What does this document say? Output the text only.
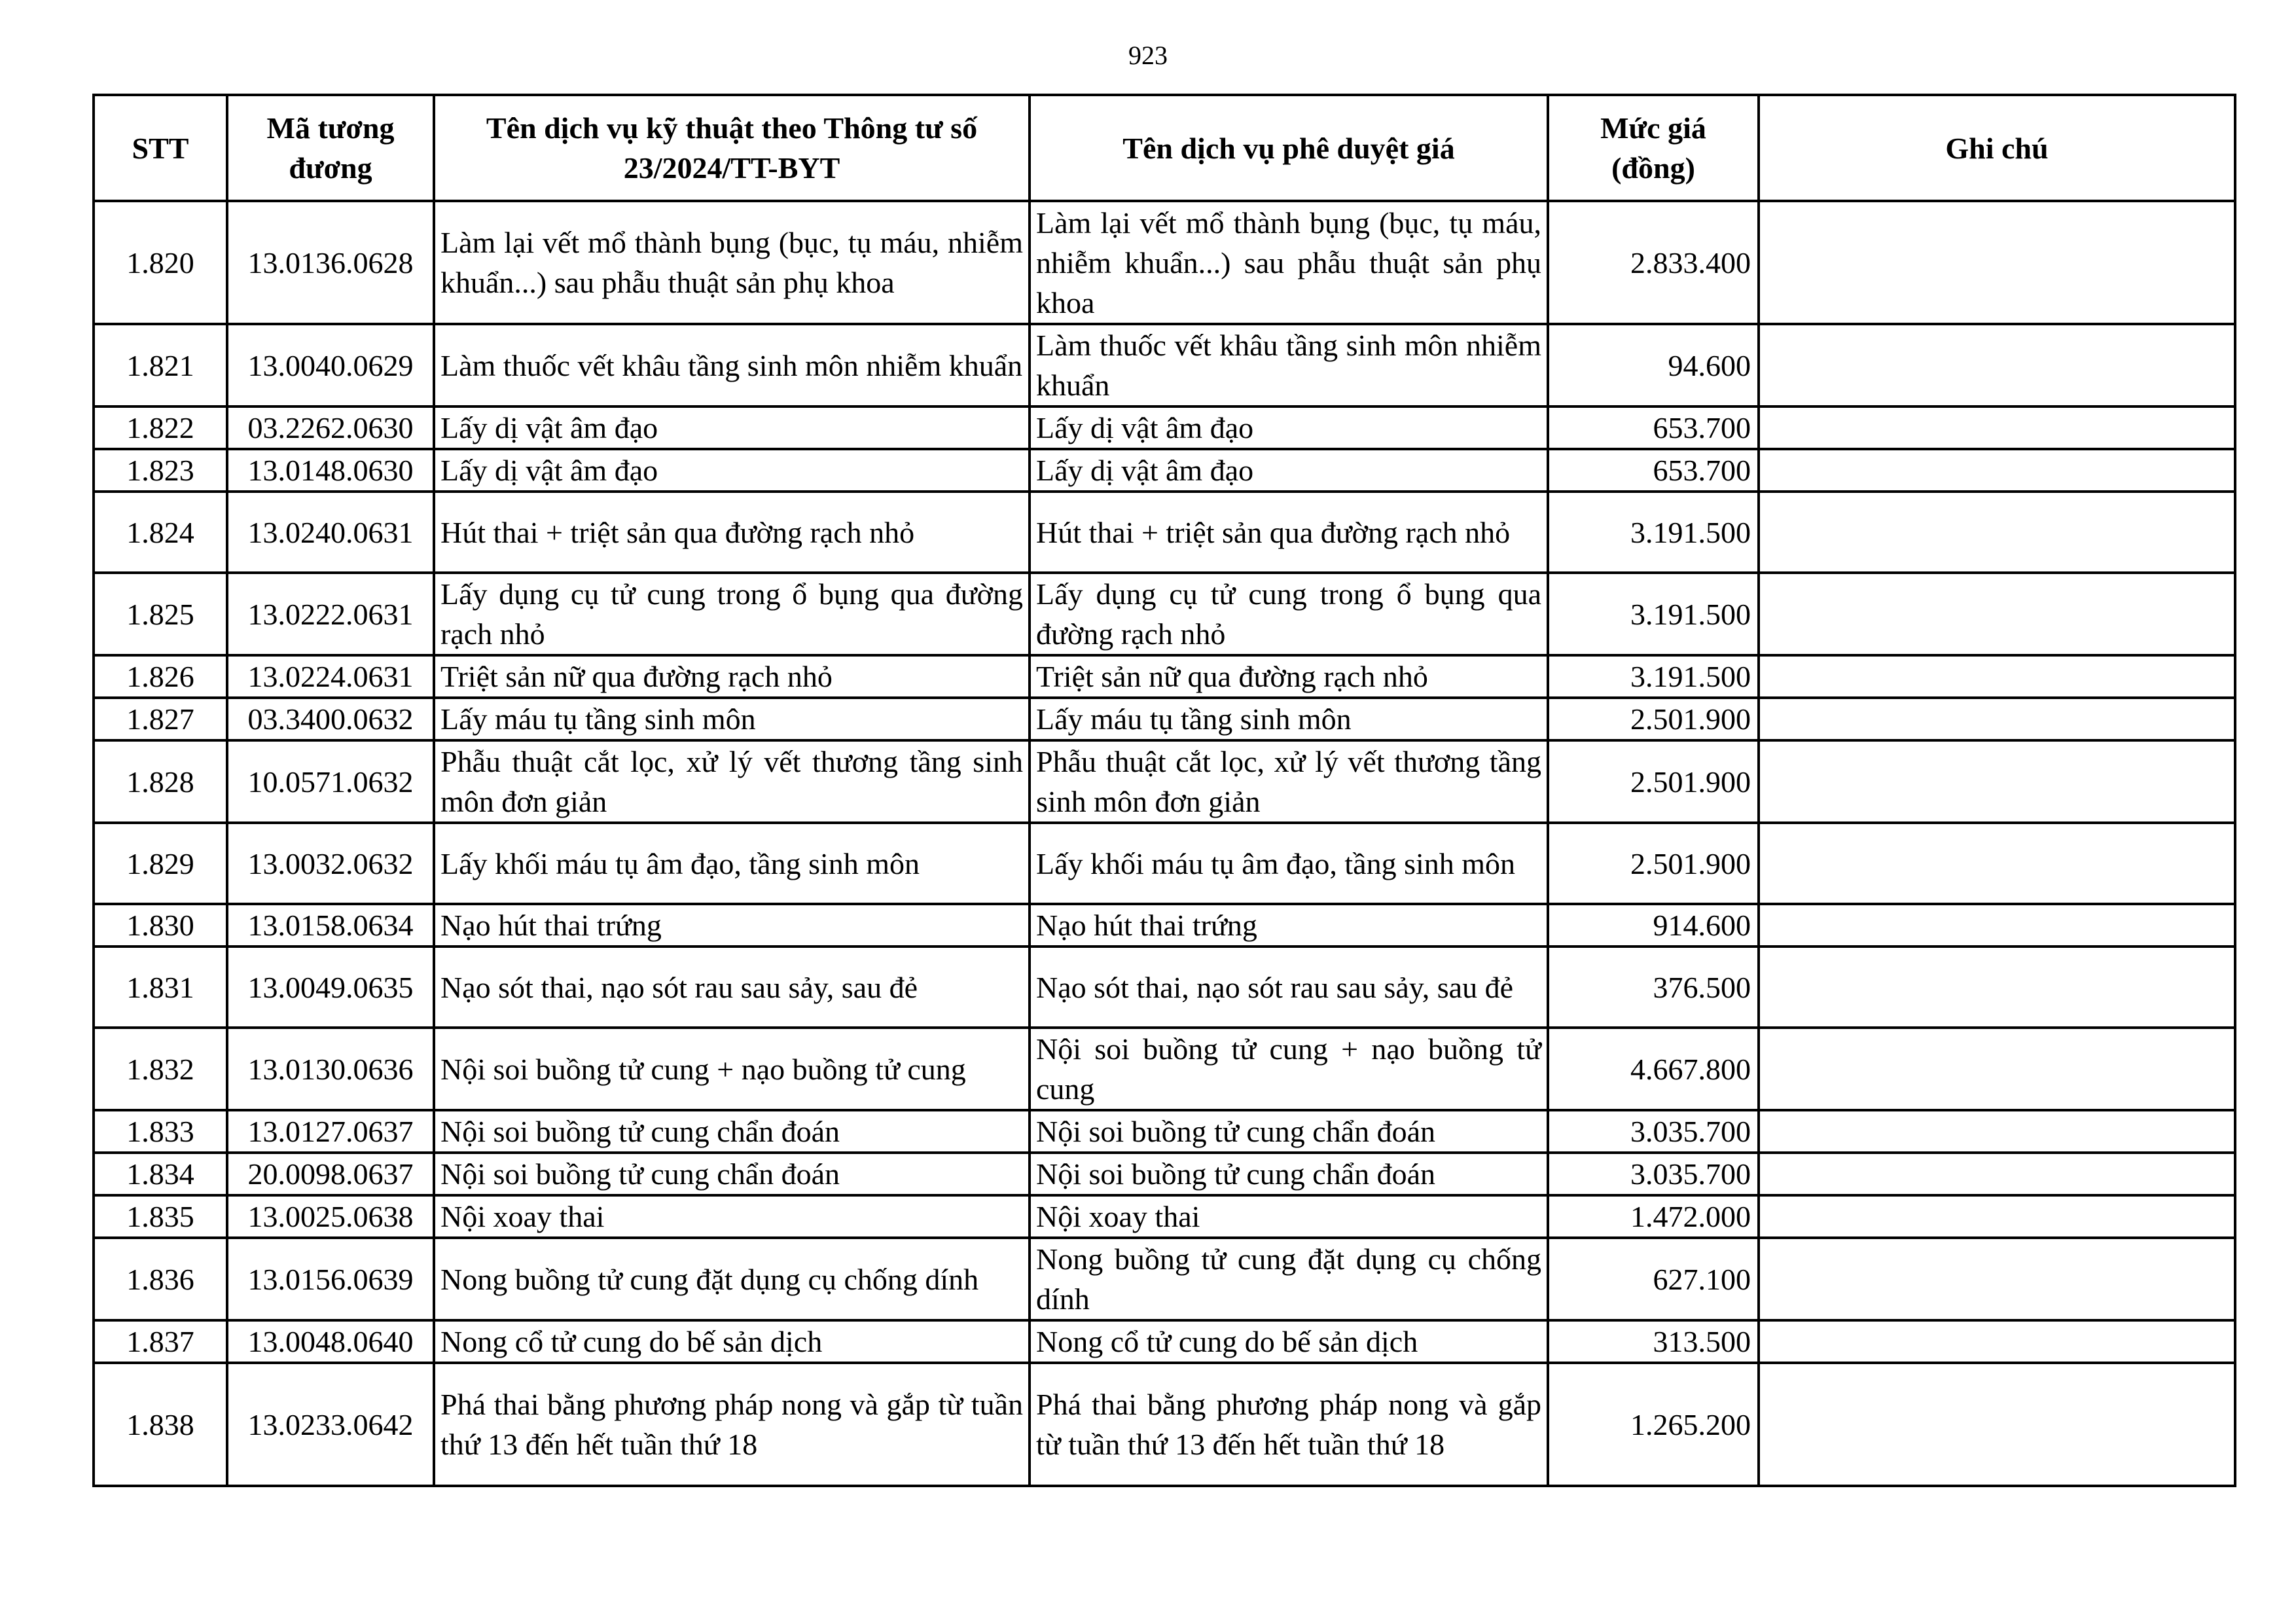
923
STT	Mã tương đương	Tên dịch vụ kỹ thuật theo Thông tư số 23/2024/TT-BYT	Tên dịch vụ phê duyệt giá	Mức giá (đồng)	Ghi chú
1.820	13.0136.0628	Làm lại vết mổ thành bụng (bục, tụ máu, nhiễm khuẩn...) sau phẫu thuật sản phụ khoa	Làm lại vết mổ thành bụng (bục, tụ máu, nhiễm khuẩn...) sau phẫu thuật sản phụ khoa	2.833.400	
1.821	13.0040.0629	Làm thuốc vết khâu tầng sinh môn nhiễm khuẩn	Làm thuốc vết khâu tầng sinh môn nhiễm khuẩn	94.600	
1.822	03.2262.0630	Lấy dị vật âm đạo	Lấy dị vật âm đạo	653.700	
1.823	13.0148.0630	Lấy dị vật âm đạo	Lấy dị vật âm đạo	653.700	
1.824	13.0240.0631	Hút thai + triệt sản qua đường rạch nhỏ	Hút thai + triệt sản qua đường rạch nhỏ	3.191.500	
1.825	13.0222.0631	Lấy dụng cụ tử cung trong ổ bụng qua đường rạch nhỏ	Lấy dụng cụ tử cung trong ổ bụng qua đường rạch nhỏ	3.191.500	
1.826	13.0224.0631	Triệt sản nữ qua đường rạch nhỏ	Triệt sản nữ qua đường rạch nhỏ	3.191.500	
1.827	03.3400.0632	Lấy máu tụ tầng sinh môn	Lấy máu tụ tầng sinh môn	2.501.900	
1.828	10.0571.0632	Phẫu thuật cắt lọc, xử lý vết thương tầng sinh môn đơn giản	Phẫu thuật cắt lọc, xử lý vết thương tầng sinh môn đơn giản	2.501.900	
1.829	13.0032.0632	Lấy khối máu tụ âm đạo, tầng sinh môn	Lấy khối máu tụ âm đạo, tầng sinh môn	2.501.900	
1.830	13.0158.0634	Nạo hút thai trứng	Nạo hút thai trứng	914.600	
1.831	13.0049.0635	Nạo sót thai, nạo sót rau sau sảy, sau đẻ	Nạo sót thai, nạo sót rau sau sảy, sau đẻ	376.500	
1.832	13.0130.0636	Nội soi buồng tử cung + nạo buồng tử cung	Nội soi buồng tử cung + nạo buồng tử cung	4.667.800	
1.833	13.0127.0637	Nội soi buồng tử cung chẩn đoán	Nội soi buồng tử cung chẩn đoán	3.035.700	
1.834	20.0098.0637	Nội soi buồng tử cung chẩn đoán	Nội soi buồng tử cung chẩn đoán	3.035.700	
1.835	13.0025.0638	Nội xoay thai	Nội xoay thai	1.472.000	
1.836	13.0156.0639	Nong buồng tử cung đặt dụng cụ chống dính	Nong buồng tử cung đặt dụng cụ chống dính	627.100	
1.837	13.0048.0640	Nong cổ tử cung do bế sản dịch	Nong cổ tử cung do bế sản dịch	313.500	
1.838	13.0233.0642	Phá thai bằng phương pháp nong và gắp từ tuần thứ 13 đến hết tuần thứ 18	Phá thai bằng phương pháp nong và gắp từ tuần thứ 13 đến hết tuần thứ 18	1.265.200	
